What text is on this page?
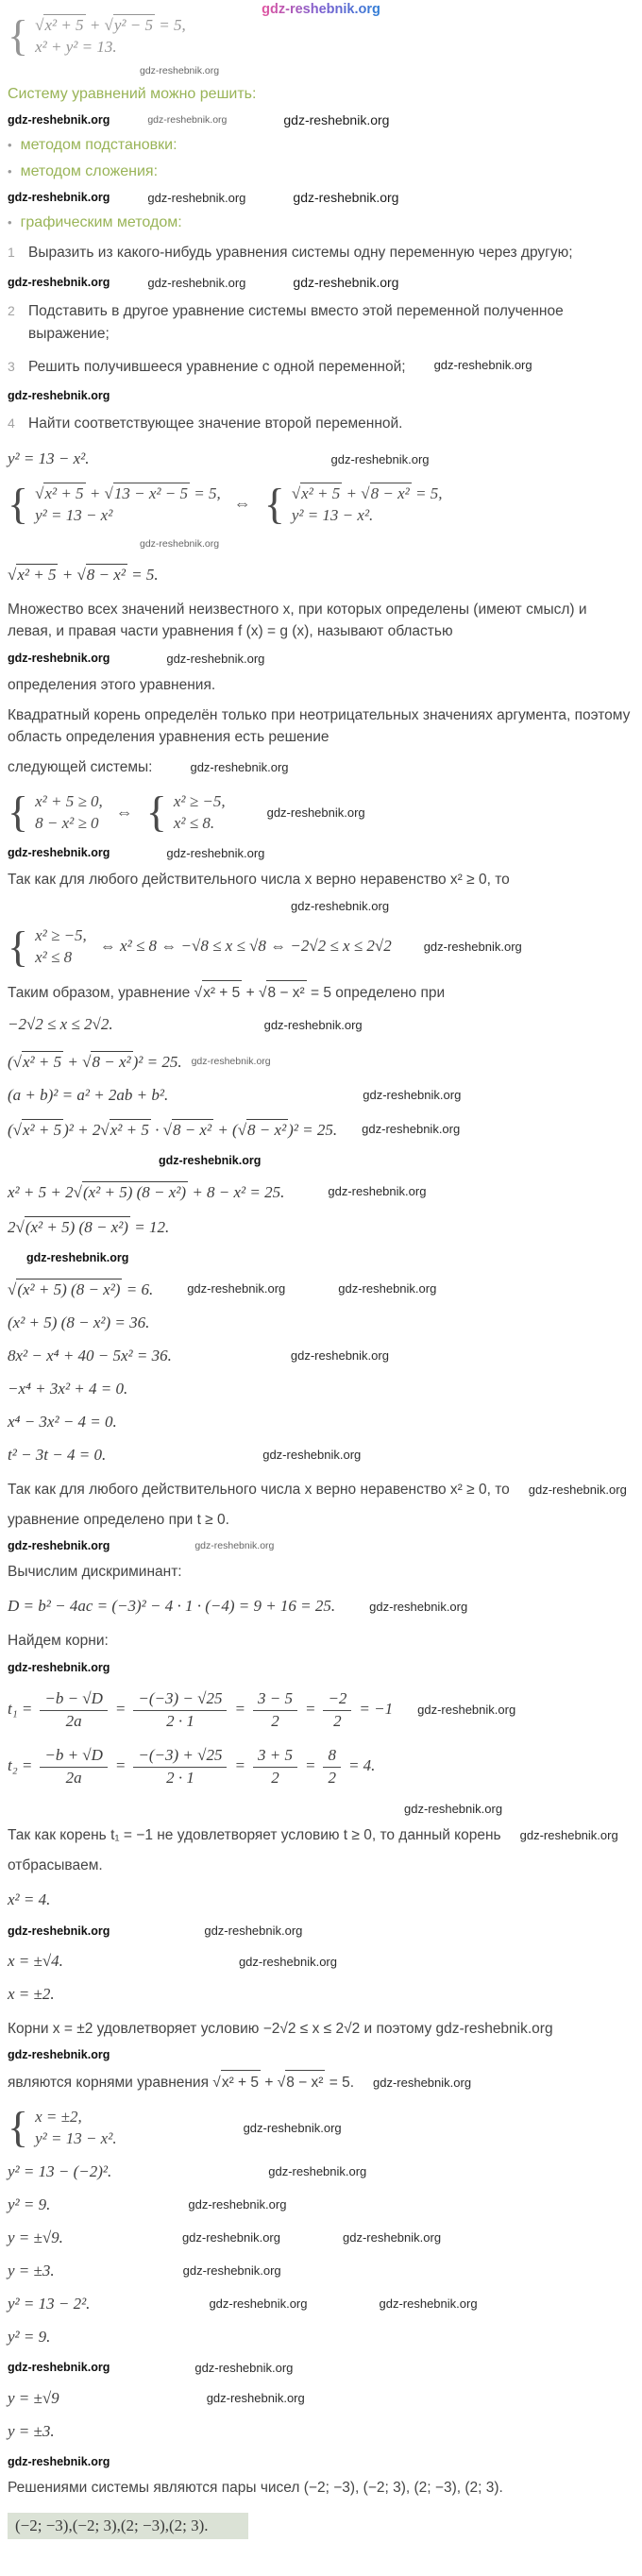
gdz-reshebnik.org
{ √x² + 5 + √y² − 5 = 5,
x² + y² = 13.
gdz-reshebnik.org
Систему уравнений можно решить:
gdz-reshebnik.org	gdz-reshebnik.org	gdz-reshebnik.org
• методом подстановки:
• методом сложения:
gdz-reshebnik.org	gdz-reshebnik.org	gdz-reshebnik.org
• графическим методом:
1 Выразить из какого-нибудь уравнения системы одну переменную через другую;
gdz-reshebnik.org	gdz-reshebnik.org	gdz-reshebnik.org
2 Подставить в другое уравнение системы вместо этой переменной полученное выражение;
3 Решить получившееся уравнение с одной переменной; gdz-reshebnik.org
gdz-reshebnik.org
4 Найти соответствующее значение второй переменной.
y² = 13 − x².	gdz-reshebnik.org
{ √x² + 5 + √13 − x² − 5 = 5,
y² = 13 − x²
⇔ { √x² + 5 + √8 − x² = 5,
y² = 13 − x².
gdz-reshebnik.org
√x² + 5 + √8 − x² = 5.
Множество всех значений неизвестного x, при которых определены (имеют смысл) и левая, и правая части уравнения f (x) = g (x), называют областью
gdz-reshebnik.org	gdz-reshebnik.org
определения этого уравнения.
Квадратный корень определён только при неотрицательных значениях аргумента, поэтому область определения уравнения есть решение
следующей системы:	gdz-reshebnik.org
{ x² + 5 ≥ 0,
8 − x² ≥ 0
⇔ { x² ≥ −5,
x² ≤ 8.
gdz-reshebnik.org
gdz-reshebnik.org	gdz-reshebnik.org
Так как для любого действительного числа x верно неравенство x² ≥ 0, то
gdz-reshebnik.org
{ x² ≥ −5,
x² ≤ 8
⇔ x² ≤ 8 ⇔ −√8 ≤ x ≤ √8 ⇔ −2√2 ≤ x ≤ 2√2	gdz-reshebnik.org
Таким образом, уравнение √x² + 5 + √8 − x² = 5 определено при
−2√2 ≤ x ≤ 2√2.	gdz-reshebnik.org
(√x² + 5 + √8 − x² )² = 25. gdz-reshebnik.org
(a + b)² = a² + 2ab + b².	gdz-reshebnik.org
(√x² + 5 )² + 2√x² + 5 · √8 − x² + (√8 − x² )² = 25. gdz-reshebnik.org
gdz-reshebnik.org
x² + 5 + 2√(x² + 5) (8 − x²) + 8 − x² = 25.	gdz-reshebnik.org
2√(x² + 5) (8 − x²) = 12.
gdz-reshebnik.org
√(x² + 5) (8 − x²) = 6.	gdz-reshebnik.org	gdz-reshebnik.org
(x² + 5) (8 − x²) = 36.
8x² − x⁴ + 40 − 5x² = 36.	gdz-reshebnik.org
−x⁴ + 3x² + 4 = 0.
x⁴ − 3x² − 4 = 0.
t² − 3t − 4 = 0.	gdz-reshebnik.org
Так как для любого действительного числа x верно неравенство x² ≥ 0, то gdz-reshebnik.org
уравнение определено при t ≥ 0.
gdz-reshebnik.org	gdz-reshebnik.org
Вычислим дискриминант:
D = b² − 4ac = (−3)² − 4 · 1 · (−4) = 9 + 16 = 25.	gdz-reshebnik.org
Найдем корни:
gdz-reshebnik.org
$t_1 = \frac{-b - √D}{2a} = \frac{-(-3) - √25}{2 \cdot 1} = \frac{3 - 5}{2} = \frac{-2}{2} = -1$ gdz-reshebnik.org
$t_2 = \frac{-b + √D}{2a} = \frac{-(-3) + √25}{2 \cdot 1} = \frac{3 + 5}{2} = \frac{8}{2} = 4$.
gdz-reshebnik.org
Так как корень t₁ = −1 не удовлетворяет условию t ≥ 0, то данный корень gdz-reshebnik.org
отбрасываем.
x² = 4.
gdz-reshebnik.org	gdz-reshebnik.org
x = ±√4.	gdz-reshebnik.org
x = ±2.
Корни x = ±2 удовлетворяет условию −2√2 ≤ x ≤ 2√2 и поэтому gdz-reshebnik.org
gdz-reshebnik.org
являются корнями уравнения √x² + 5 + √8 − x² = 5. gdz-reshebnik.org
{ x = ±2,
y² = 13 − x².
gdz-reshebnik.org
y² = 13 − (−2)².	gdz-reshebnik.org
y² = 9.	gdz-reshebnik.org
y = ±√9.	gdz-reshebnik.org	gdz-reshebnik.org
y = ±3.	gdz-reshebnik.org
y² = 13 − 2².	gdz-reshebnik.org	gdz-reshebnik.org
y² = 9.
gdz-reshebnik.org	gdz-reshebnik.org
y = ±√9	gdz-reshebnik.org
y = ±3.
gdz-reshebnik.org
Решениями системы являются пары чисел (−2; −3), (−2; 3), (2; −3), (2; 3).
(−2; −3),(−2; 3),(2; −3),(2; 3).
